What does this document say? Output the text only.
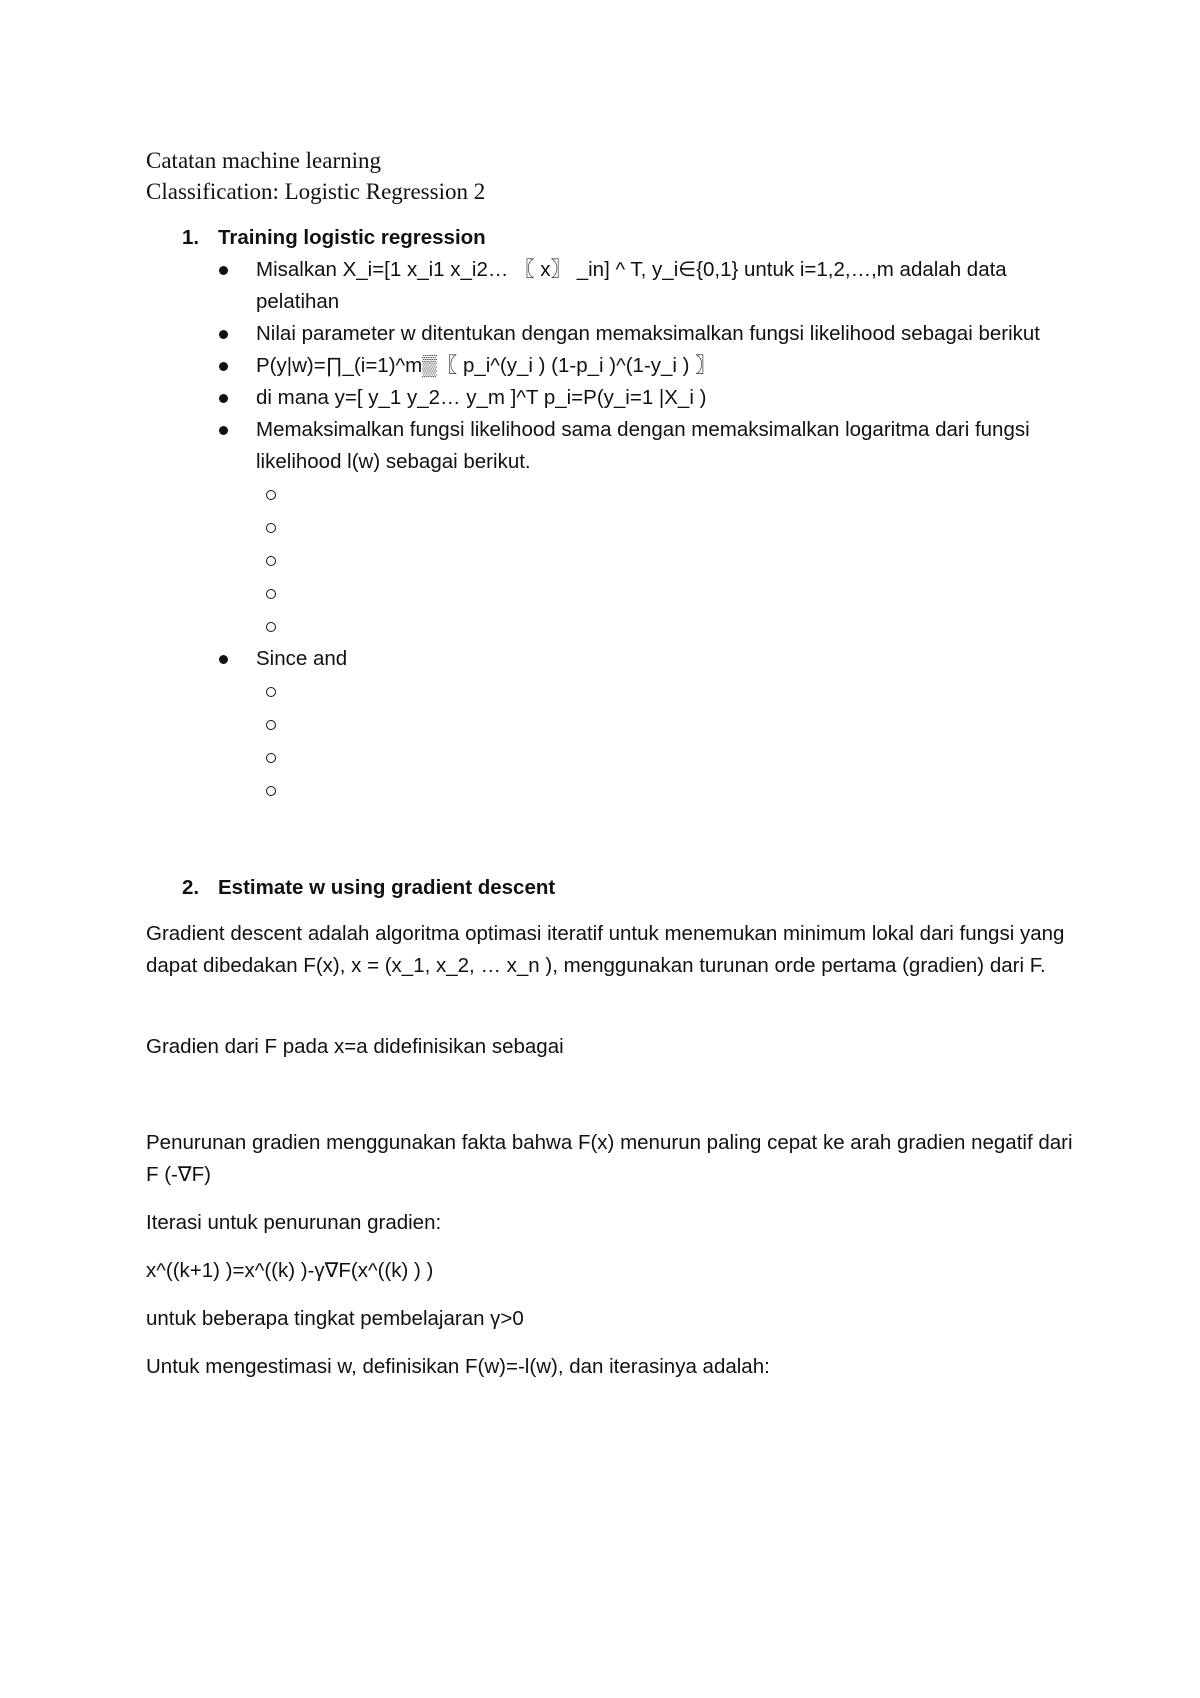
Catatan machine learning
Classification: Logistic Regression 2
1. Training logistic regression
Misalkan X_i=[1 x_i1 x_i2… 〖 x〗 _in] ^ T, y_i∈{0,1} untuk i=1,2,…,m adalah data pelatihan
Nilai parameter w ditentukan dengan memaksimalkan fungsi likelihood sebagai berikut
P(y|w)=∏_(i=1)^m▒〖 p_i^(y_i ) (1-p_i )^(1-y_i ) 〗
di mana y=[ y_1 y_2… y_m ]^T p_i=P(y_i=1 |X_i )
Memaksimalkan fungsi likelihood sama dengan memaksimalkan logaritma dari fungsi likelihood l(w) sebagai berikut.
Since and
2. Estimate w using gradient descent

Gradient descent adalah algoritma optimasi iteratif untuk menemukan minimum lokal dari fungsi yang dapat dibedakan F(x), x = (x_1, x_2, … x_n ), menggunakan turunan orde pertama (gradien) dari F.

Gradien dari F pada x=a didefinisikan sebagai

Penurunan gradien menggunakan fakta bahwa F(x) menurun paling cepat ke arah gradien negatif dari F (-∇F)

Iterasi untuk penurunan gradien:

x^((k+1) )=x^((k) )-γ∇F(x^((k) ) )

untuk beberapa tingkat pembelajaran γ>0

Untuk mengestimasi w, definisikan F(w)=-l(w), dan iterasinya adalah:
